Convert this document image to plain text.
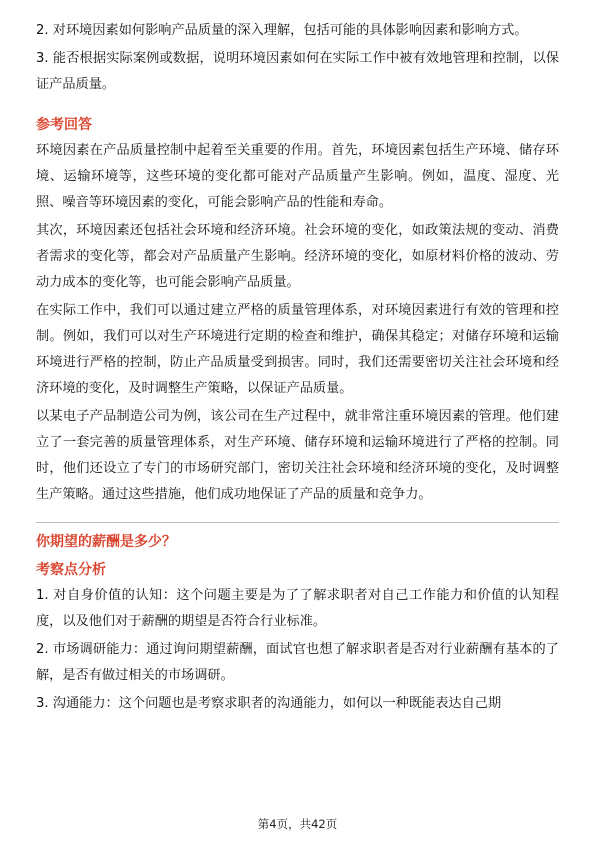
2. 对环境因素如何影响产品质量的深入理解，包括可能的具体影响因素和影响方式。

3. 能否根据实际案例或数据，说明环境因素如何在实际工作中被有效地管理和控制，以保证产品质量。

参考回答

环境因素在产品质量控制中起着至关重要的作用。首先，环境因素包括生产环境、储存环境、运输环境等，这些环境的变化都可能对产品质量产生影响。例如，温度、湿度、光照、噪音等环境因素的变化，可能会影响产品的性能和寿命。

其次，环境因素还包括社会环境和经济环境。社会环境的变化，如政策法规的变动、消费者需求的变化等，都会对产品质量产生影响。经济环境的变化，如原材料价格的波动、劳动力成本的变化等，也可能会影响产品质量。

在实际工作中，我们可以通过建立严格的质量管理体系，对环境因素进行有效的管理和控制。例如，我们可以对生产环境进行定期的检查和维护，确保其稳定；对储存环境和运输环境进行严格的控制，防止产品质量受到损害。同时，我们还需要密切关注社会环境和经济环境的变化，及时调整生产策略，以保证产品质量。

以某电子产品制造公司为例，该公司在生产过程中，就非常注重环境因素的管理。他们建立了一套完善的质量管理体系，对生产环境、储存环境和运输环境进行了严格的控制。同时，他们还设立了专门的市场研究部门，密切关注社会环境和经济环境的变化，及时调整生产策略。通过这些措施，他们成功地保证了产品的质量和竞争力。

你期望的薪酬是多少？

考察点分析

1. 对自身价值的认知：这个问题主要是为了了解求职者对自己工作能力和价值的认知程度，以及他们对于薪酬的期望是否符合行业标准。

2. 市场调研能力：通过询问期望薪酬，面试官也想了解求职者是否对行业薪酬有基本的了解，是否有做过相关的市场调研。

3. 沟通能力：这个问题也是考察求职者的沟通能力，如何以一种既能表达自己期

第4页，共42页
